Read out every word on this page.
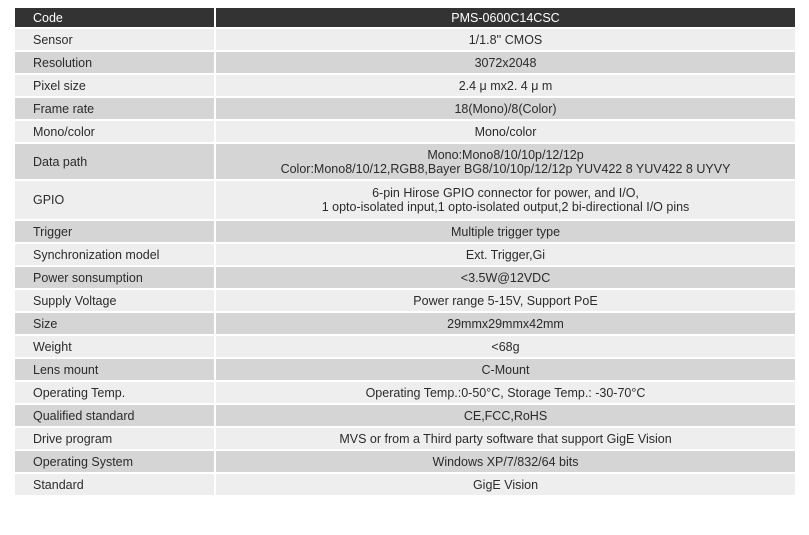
Code	PMS-0600C14CSC

Sensor	1/1.8'' CMOS

Resolution	3072x2048

Pixel size	2.4 μ mx2. 4 μ m

Frame rate	18(Mono)/8(Color)

Mono/color	Mono/color

Data path	Mono:Mono8/10/10p/12/12p
Color:Mono8/10/12,RGB8,Bayer BG8/10/10p/12/12p YUV422 8 YUV422 8 UYVY

GPIO	6-pin Hirose GPIO connector for power, and I/O,
1 opto-isolated input,1 opto-isolated output,2 bi-directional I/O pins

Trigger	Multiple trigger type

Synchronization model	Ext. Trigger,Gi

Power sonsumption	<3.5W@12VDC

Supply Voltage	Power range 5-15V, Support PoE

Size	29mmx29mmx42mm

Weight	<68g

Lens mount	C-Mount

Operating Temp.	Operating Temp.:0-50°C, Storage Temp.: -30-70°C

Qualified standard	CE,FCC,RoHS

Drive program	MVS or from a Third party software that support GigE Vision

Operating System	Windows XP/7/832/64 bits

Standard	GigE Vision
